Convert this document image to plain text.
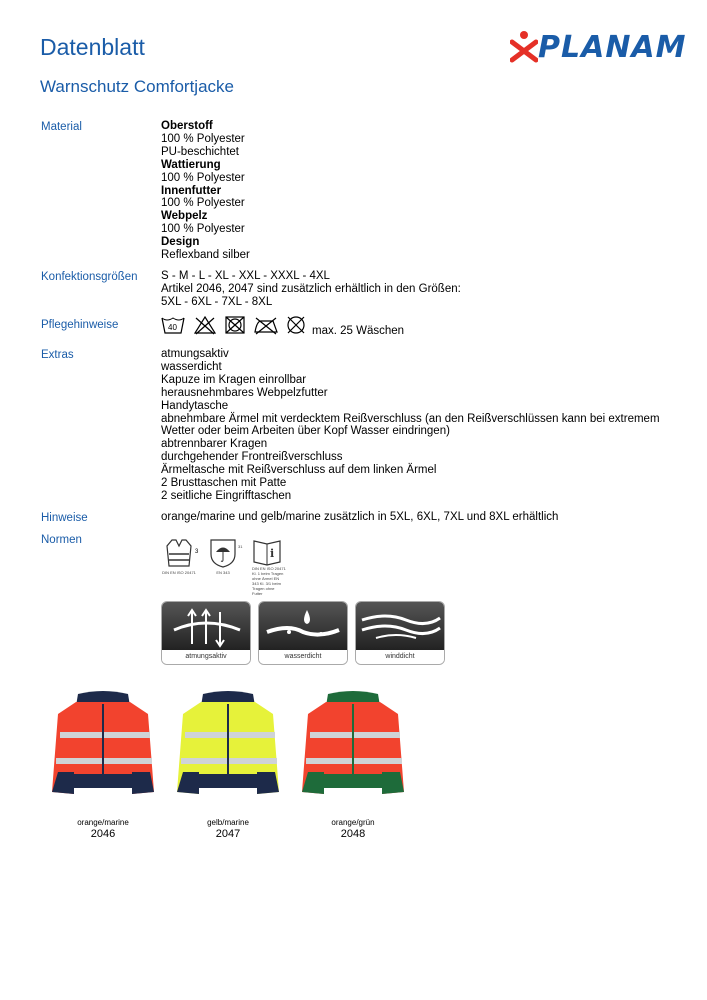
Datenblatt
Warnschutz Comfortjacke
PLANAM
Material	Oberstoff
100 % Polyester
PU-beschichtet
Wattierung
100 % Polyester
Innenfutter
100 % Polyester
Webpelz
100 % Polyester
Design
Reflexband silber
Konfektionsgrößen S - M - L - XL - XXL - XXXL - 4XL
Artikel 2046, 2047 sind zusätzlich erhältlich in den Größen:
5XL - 6XL - 7XL - 8XL
Pflegehinweise	40	max. 25 Wäschen
Extras	atmungsaktiv
wasserdicht
Kapuze im Kragen einrollbar
herausnehmbares Webpelzfutter
Handytasche
abnehmbare Ärmel mit verdecktem Reißverschluss (an den Reißverschlüssen kann bei extremem
Wetter oder beim Arbeiten über Kopf Wasser eindringen)
abtrennbarer Kragen
durchgehender Frontreißverschluss
Ärmeltasche mit Reißverschluss auf dem linken Ärmel
2 Brusttaschen mit Patte
2 seitliche Eingrifftaschen
Hinweise	orange/marine und gelb/marine zusätzlich in 5XL, 6XL, 7XL und 8XL erhältlich
Normen
3
DIN EN ISO 20471
31
EN 343
i
DIN EN ISO 20471 Kl. 1 beim Tragen ohne Ärmel EN 343 Kl. 3/1 beim Tragen ohne Futter
atmungsaktiv	wasserdicht	winddicht
orange/marine
2046
gelb/marine
2047
orange/grün
2048
